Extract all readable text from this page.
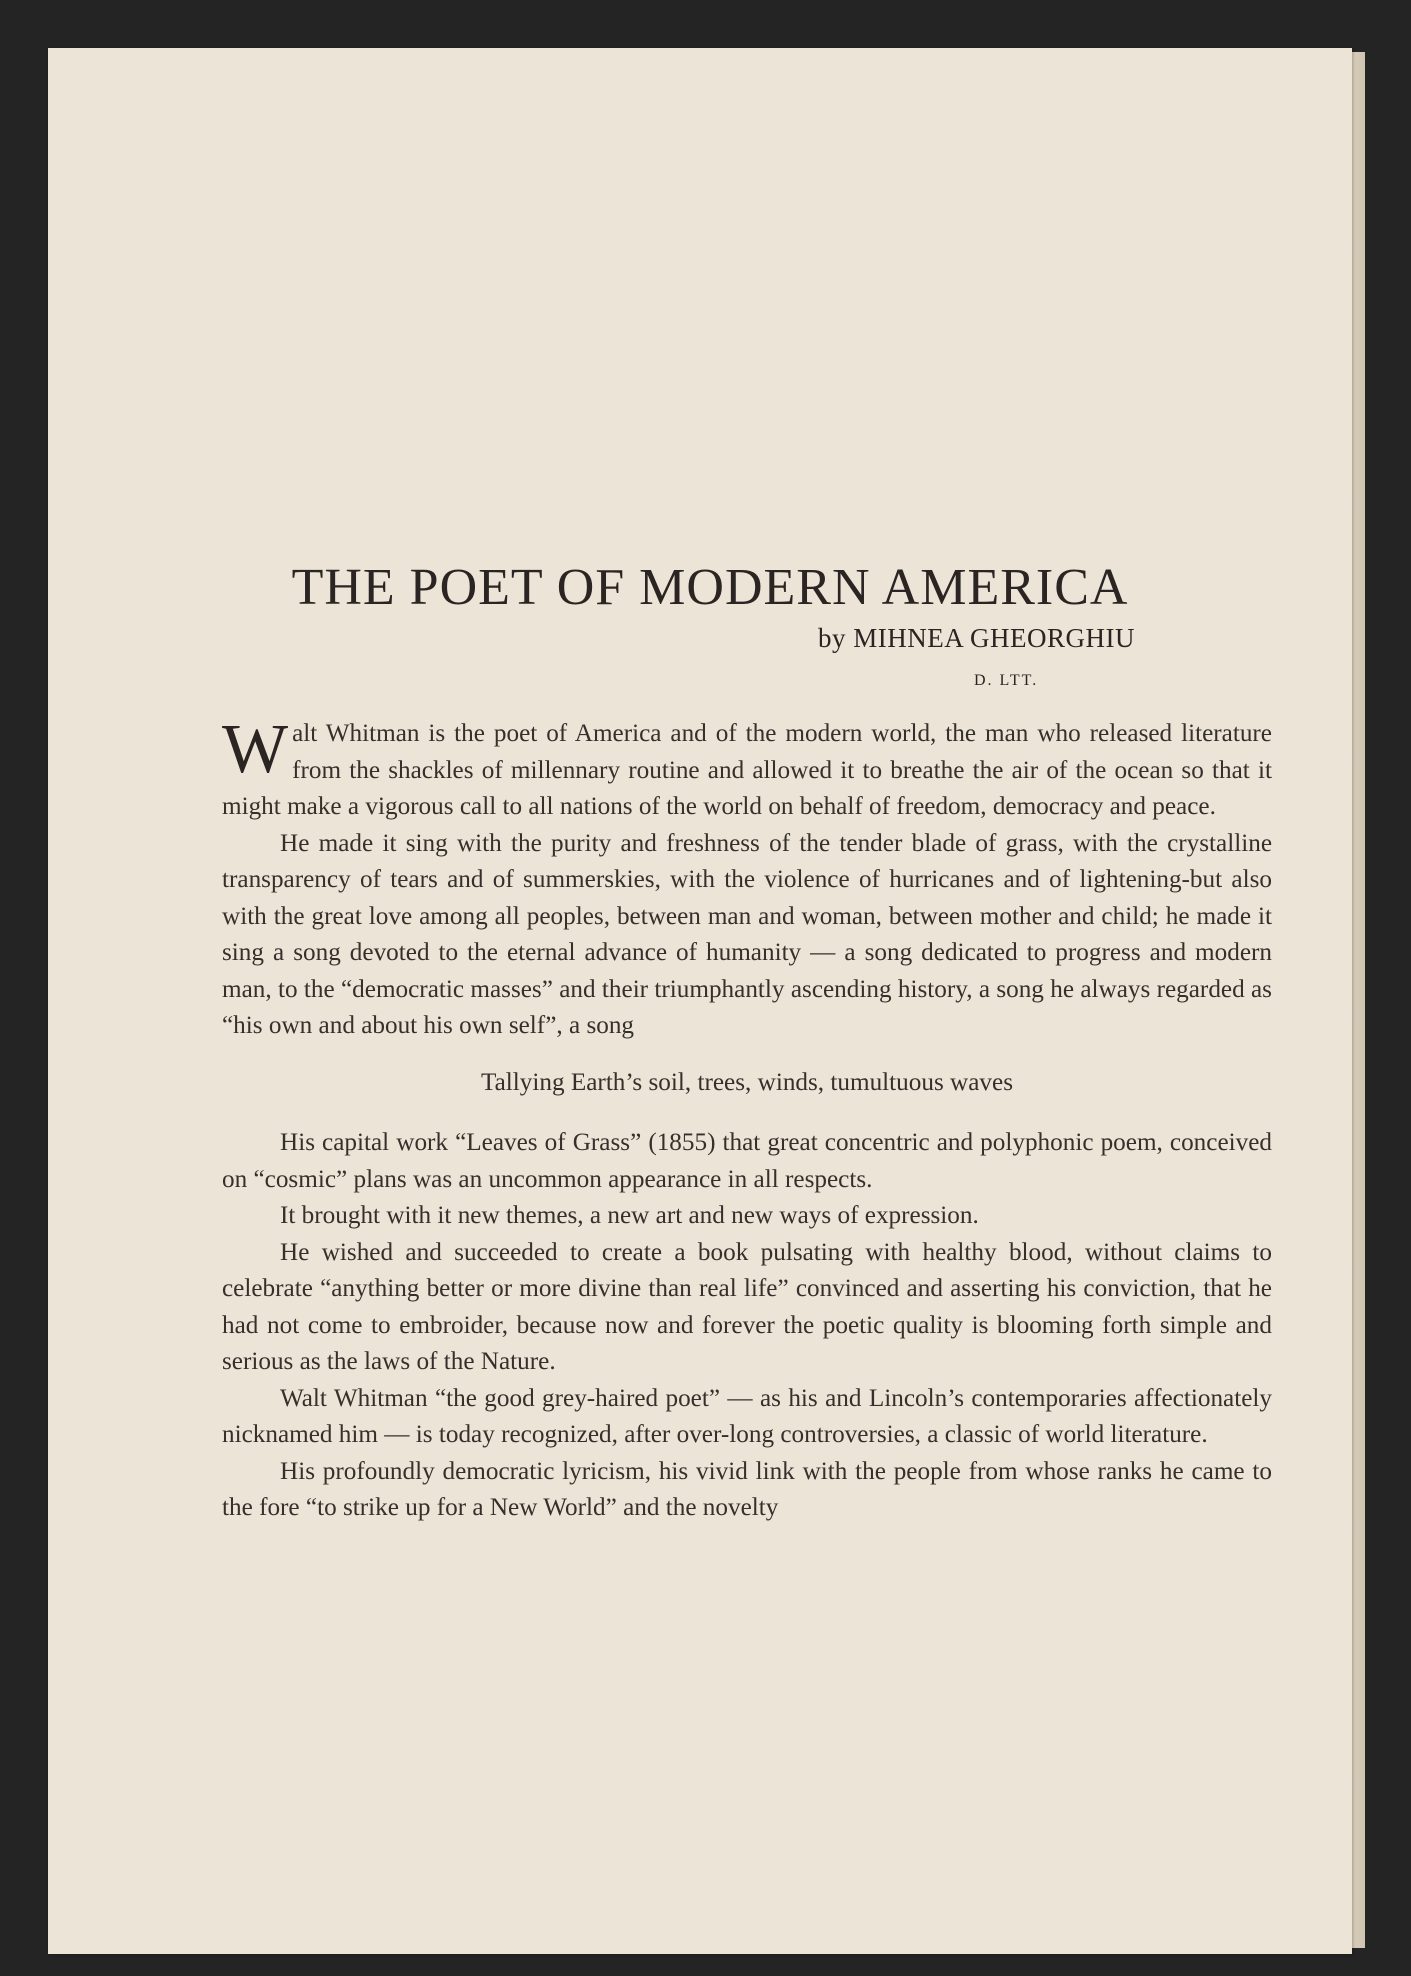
THE POET OF MODERN AMERICA
by MIHNEA GHEORGHIU
D. LTT.

Walt Whitman is the poet of America and of the modern world, the man who released literature from the shackles of millennary routine and allowed it to breathe the air of the ocean so that it might make a vigorous call to all nations of the world on behalf of freedom, democracy and peace.

He made it sing with the purity and freshness of the tender blade of grass, with the crystalline transparency of tears and of summerskies, with the violence of hurricanes and of lightening-but also with the great love among all peoples, between man and woman, between mother and child; he made it sing a song devoted to the eternal advance of humanity — a song dedicated to progress and modern man, to the “democratic masses” and their triumphantly ascending history, a song he always regarded as “his own and about his own self”, a song

Tallying Earth’s soil, trees, winds, tumultuous waves

His capital work “Leaves of Grass” (1855) that great concentric and polyphonic poem, conceived on “cosmic” plans was an uncommon appearance in all respects.

It brought with it new themes, a new art and new ways of expression.

He wished and succeeded to create a book pulsating with healthy blood, without claims to celebrate “anything better or more divine than real life” convinced and asserting his conviction, that he had not come to embroider, because now and forever the poetic quality is blooming forth simple and serious as the laws of the Nature.

Walt Whitman “the good grey-haired poet” — as his and Lincoln’s contemporaries affectionately nicknamed him — is today recognized, after over-long controversies, a classic of world literature.

His profoundly democratic lyricism, his vivid link with the people from whose ranks he came to the fore “to strike up for a New World” and the novelty
